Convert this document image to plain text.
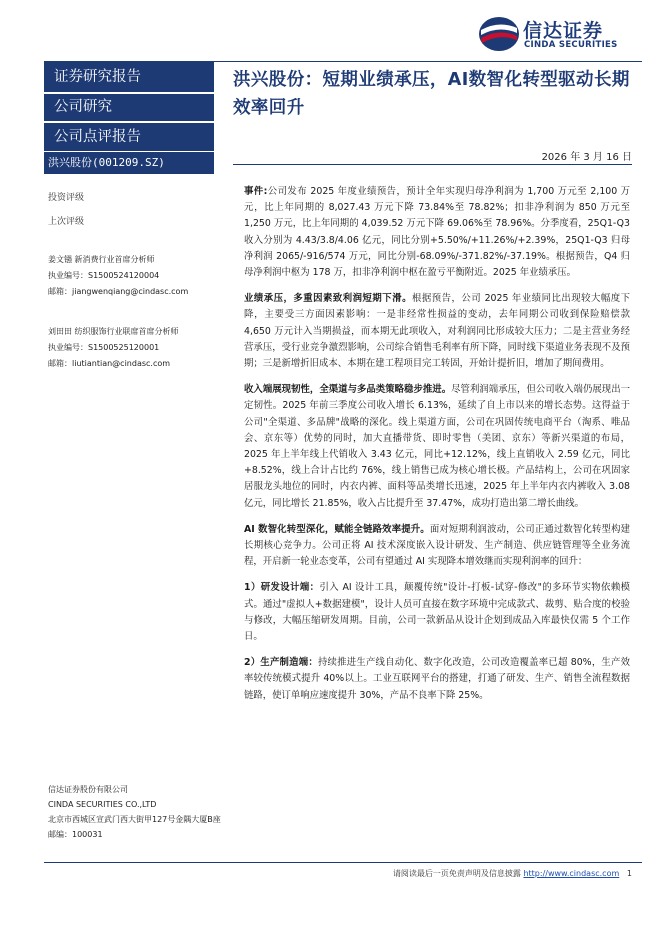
信达证券
CINDA SECURITIES
证券研究报告
公司研究
公司点评报告
洪兴股份(001209.SZ)
投资评级
上次评级
姜文镪 新消费行业首席分析师
执业编号：S1500524120004
邮箱：jiangwenqiang@cindasc.com
刘田田 纺织服饰行业联席首席分析师
执业编号：S1500525120001
邮箱：liutiantian@cindasc.com
信达证券股份有限公司
CINDA SECURITIES CO.,LTD
北京市西城区宣武门西大街甲127号金隅大厦B座
邮编：100031
洪兴股份：短期业绩承压，AI数智化转型驱动长期效率回升
2026 年 3 月 16 日

事件:公司发布 2025 年度业绩预告，预计全年实现归母净利润为 1,700 万元至 2,100 万元，比上年同期的 8,027.43 万元下降 73.84%至 78.82%；扣非净利润为 850 万元至 1,250 万元，比上年同期的 4,039.52 万元下降 69.06%至 78.96%。分季度看，25Q1-Q3 收入分别为 4.43/3.8/4.06 亿元，同比分别+5.50%/+11.26%/+2.39%，25Q1-Q3 归母净利润 2065/-916/574 万元，同比分别-68.09%/-371.82%/-37.19%。根据预告，Q4 归母净利润中枢为 178 万，扣非净利润中枢在盈亏平衡附近。2025 年业绩承压。

业绩承压，多重因素致利润短期下滑。根据预告，公司 2025 年业绩同比出现较大幅度下降，主要受三方面因素影响：一是非经常性损益的变动，去年同期公司收到保险赔偿款 4,650 万元计入当期损益，而本期无此项收入，对利润同比形成较大压力；二是主营业务经营承压，受行业竞争激烈影响，公司综合销售毛利率有所下降，同时线下渠道业务表现不及预期；三是新增折旧成本、本期在建工程项目完工转固，开始计提折旧，增加了期间费用。

收入端展现韧性，全渠道与多品类策略稳步推进。尽管利润端承压，但公司收入端仍展现出一定韧性。2025 年前三季度公司收入增长 6.13%，延续了自上市以来的增长态势。这得益于公司"全渠道、多品牌"战略的深化。线上渠道方面，公司在巩固传统电商平台（淘系、唯品会、京东等）优势的同时，加大直播带货、即时零售（美团、京东）等新兴渠道的布局，2025 年上半年线上代销收入 3.43 亿元，同比+12.12%，线上直销收入 2.59 亿元，同比+8.52%，线上合计占比约 76%，线上销售已成为核心增长极。产品结构上，公司在巩固家居服龙头地位的同时，内衣内裤、面料等品类增长迅速，2025 年上半年内衣内裤收入 3.08 亿元，同比增长 21.85%，收入占比提升至 37.47%，成功打造出第二增长曲线。

AI 数智化转型深化，赋能全链路效率提升。面对短期利润波动，公司正通过数智化转型构建长期核心竞争力。公司正将 AI 技术深度嵌入设计研发、生产制造、供应链管理等全业务流程，开启新一轮业态变革，公司有望通过 AI 实现降本增效继而实现利润率的回升：

1）研发设计端：引入 AI 设计工具，颠覆传统"设计-打板-试穿-修改"的多环节实物依赖模式。通过"虚拟人+数据建模"，设计人员可直接在数字环境中完成款式、裁剪、贴合度的校验与修改，大幅压缩研发周期。目前，公司一款新品从设计企划到成品入库最快仅需 5 个工作日。

2）生产制造端：持续推进生产线自动化、数字化改造，公司改造覆盖率已超 80%，生产效率较传统模式提升 40%以上。工业互联网平台的搭建，打通了研发、生产、销售全流程数据链路，使订单响应速度提升 30%，产品不良率下降 25%。

请阅读最后一页免责声明及信息披露 http://www.cindasc.com 1
